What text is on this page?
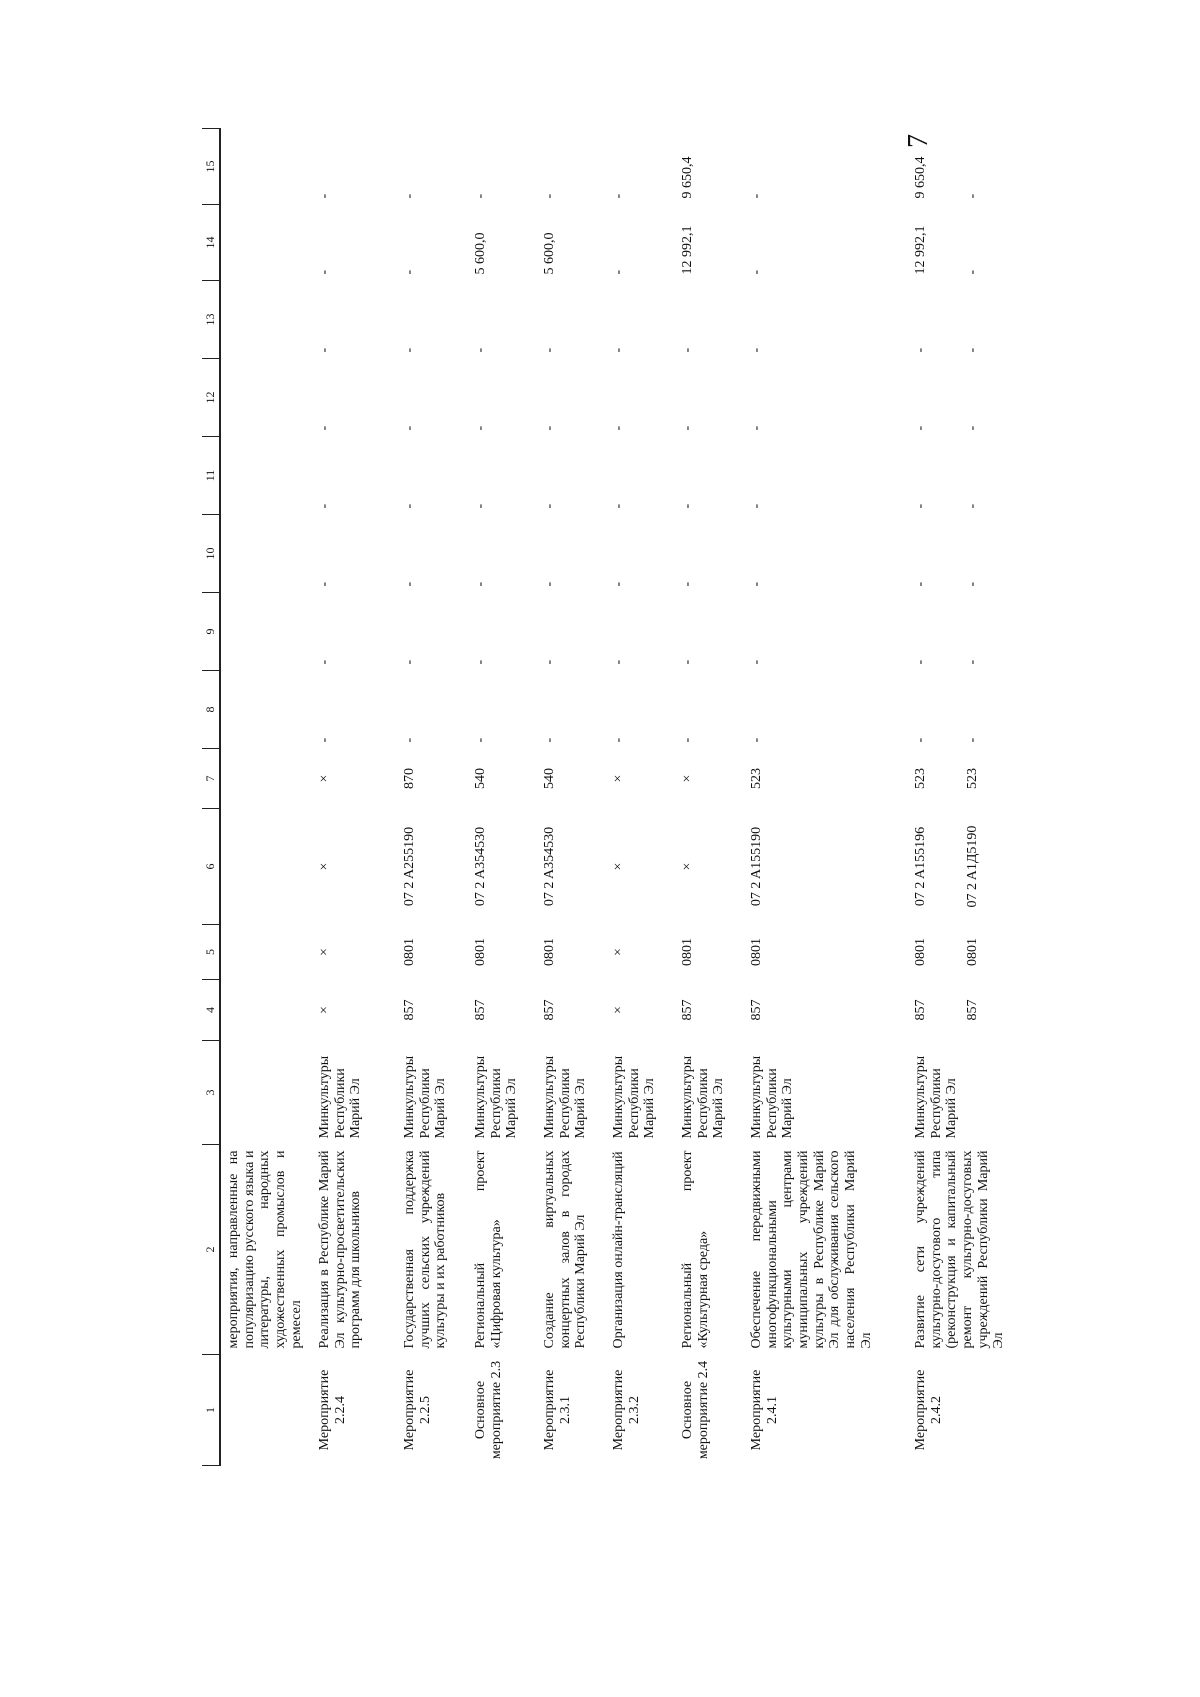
7
1	2	3	4	5	6	7	8	9	10	11	12	13	14	15
	мероприятия, направленные на популяризацию русского языка и литературы, народных художественных промыслов и ремесел													
Мероприятие 2.2.4	Реализация в Республике Марий Эл культурно-просветительских программ для школьников	Минкультуры Республики Марий Эл	×	×	×	×	-	-	-	-	-	-	-	-
Мероприятие 2.2.5	Государственная поддержка лучших сельских учреждений культуры и их работников	Минкультуры Республики Марий Эл	857	0801	07 2 A255190	870	-	-	-	-	-	-	-	-
Основное мероприятие 2.3	Региональный проект «Цифровая культура»	Минкультуры Республики Марий Эл	857	0801	07 2 A354530	540	-	-	-	-	-	-	5 600,0	-
Мероприятие 2.3.1	Создание виртуальных концертных залов в городах Республики Марий Эл	Минкультуры Республики Марий Эл	857	0801	07 2 A354530	540	-	-	-	-	-	-	5 600,0	-
Мероприятие 2.3.2	Организация онлайн-трансляций	Минкультуры Республики Марий Эл	×	×	×	×	-	-	-	-	-	-	-	-
Основное мероприятие 2.4	Региональный проект «Культурная среда»	Минкультуры Республики Марий Эл	857	0801	×	×	-	-	-	-	-	-	12 992,1	9 650,4
Мероприятие 2.4.1	Обеспечение передвижными многофункциональными культурными центрами муниципальных учреждений культуры в Республике Марий Эл для обслуживания сельского населения Республики Марий Эл	Минкультуры Республики Марий Эл	857	0801	07 2 A155190	523	-	-	-	-	-	-	-	-
Мероприятие 2.4.2	Развитие сети учреждений культурно-досугового типа (реконструкция и капитальный ремонт культурно-досуговых учреждений Республики Марий Эл	Минкультуры Республики Марий Эл	857	0801	07 2 A155196	523	-	-	-	-	-	-	12 992,1	9 650,4
			857	0801	07 2 A1Д5190	523	-	-	-	-	-	-	-	-
